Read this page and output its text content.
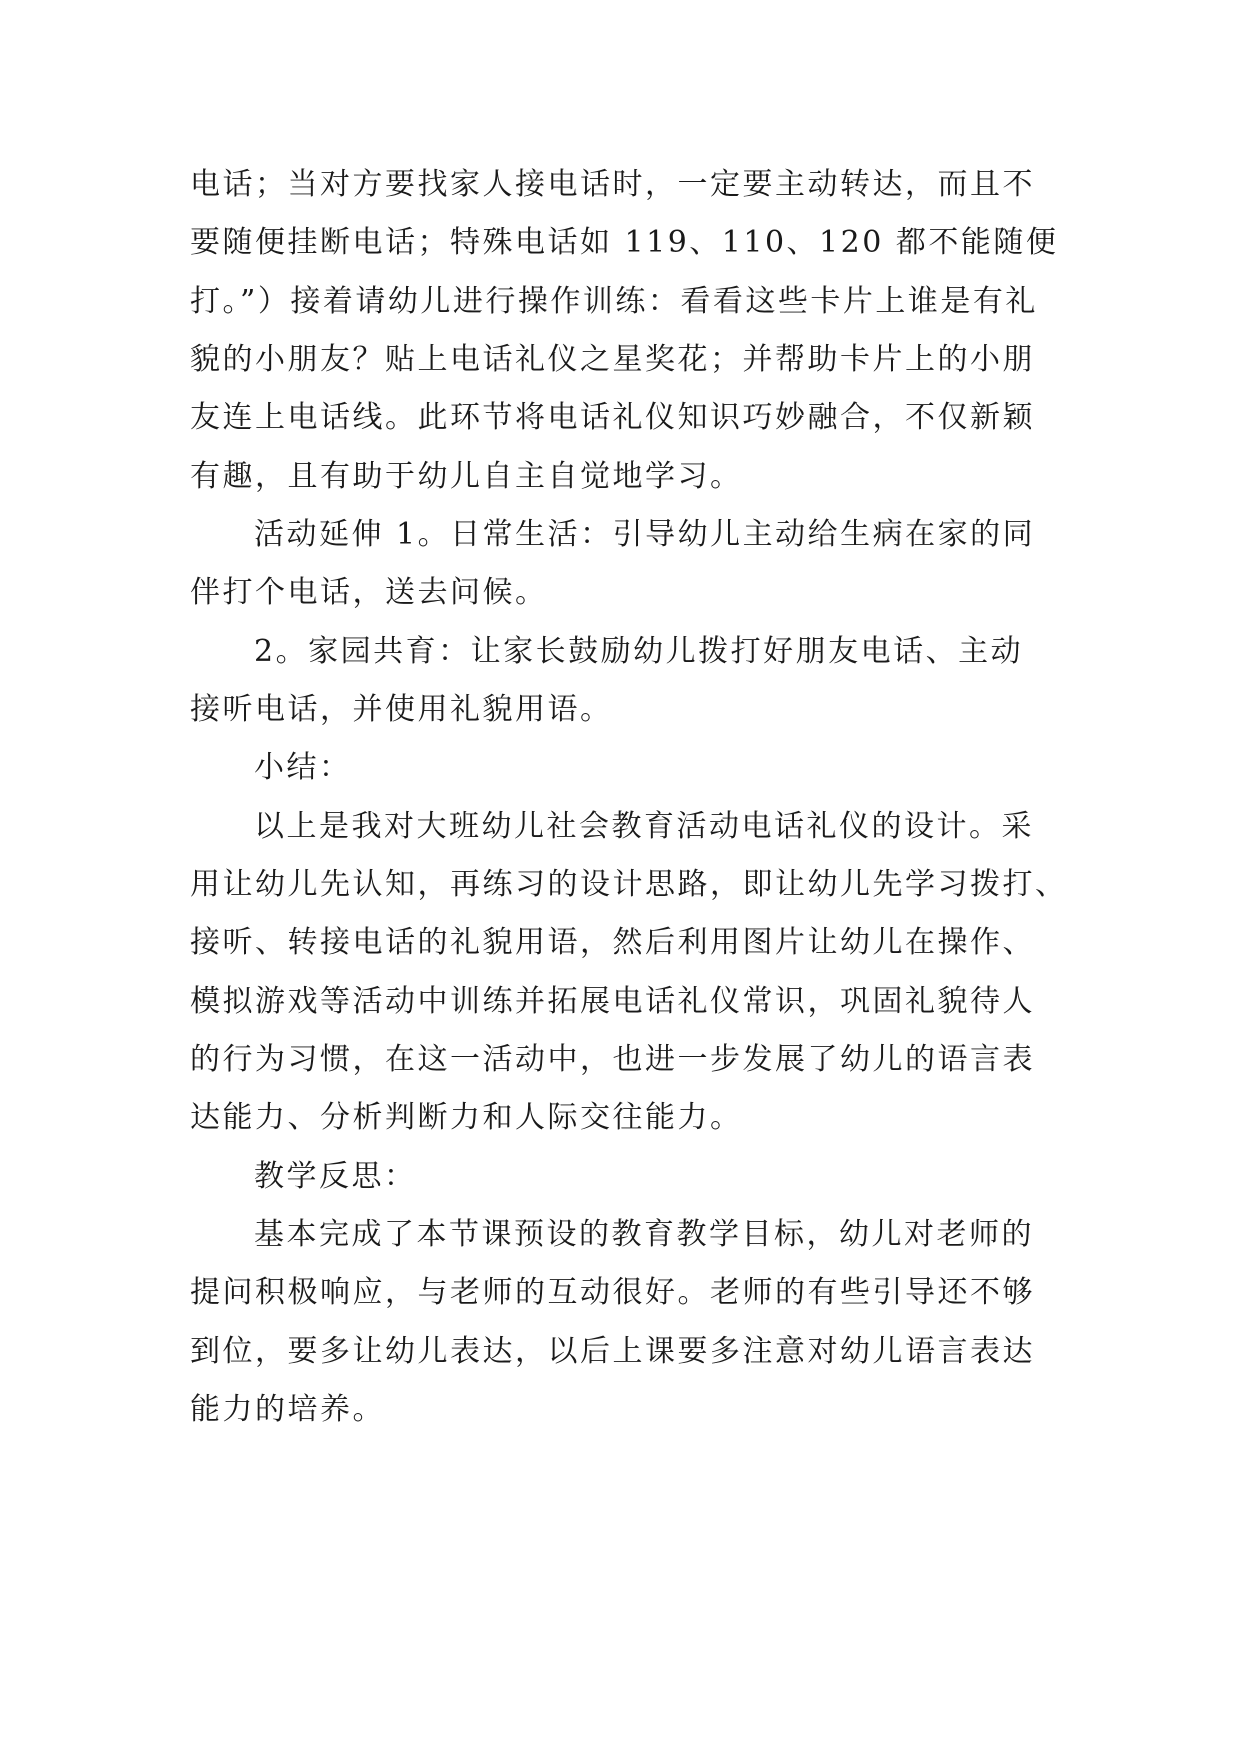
电话；当对方要找家人接电话时，一定要主动转达，而且不
要随便挂断电话；特殊电话如 119、110、120 都不能随便
打。”）接着请幼儿进行操作训练：看看这些卡片上谁是有礼
貌的小朋友？贴上电话礼仪之星奖花；并帮助卡片上的小朋
友连上电话线。此环节将电话礼仪知识巧妙融合，不仅新颖
有趣，且有助于幼儿自主自觉地学习。
活动延伸 1。日常生活：引导幼儿主动给生病在家的同
伴打个电话，送去问候。
2。家园共育：让家长鼓励幼儿拨打好朋友电话、主动
接听电话，并使用礼貌用语。
小结：
以上是我对大班幼儿社会教育活动电话礼仪的设计。采
用让幼儿先认知，再练习的设计思路，即让幼儿先学习拨打、
接听、转接电话的礼貌用语，然后利用图片让幼儿在操作、
模拟游戏等活动中训练并拓展电话礼仪常识，巩固礼貌待人
的行为习惯，在这一活动中，也进一步发展了幼儿的语言表
达能力、分析判断力和人际交往能力。
教学反思：
基本完成了本节课预设的教育教学目标，幼儿对老师的
提问积极响应，与老师的互动很好。老师的有些引导还不够
到位，要多让幼儿表达，以后上课要多注意对幼儿语言表达
能力的培养。
